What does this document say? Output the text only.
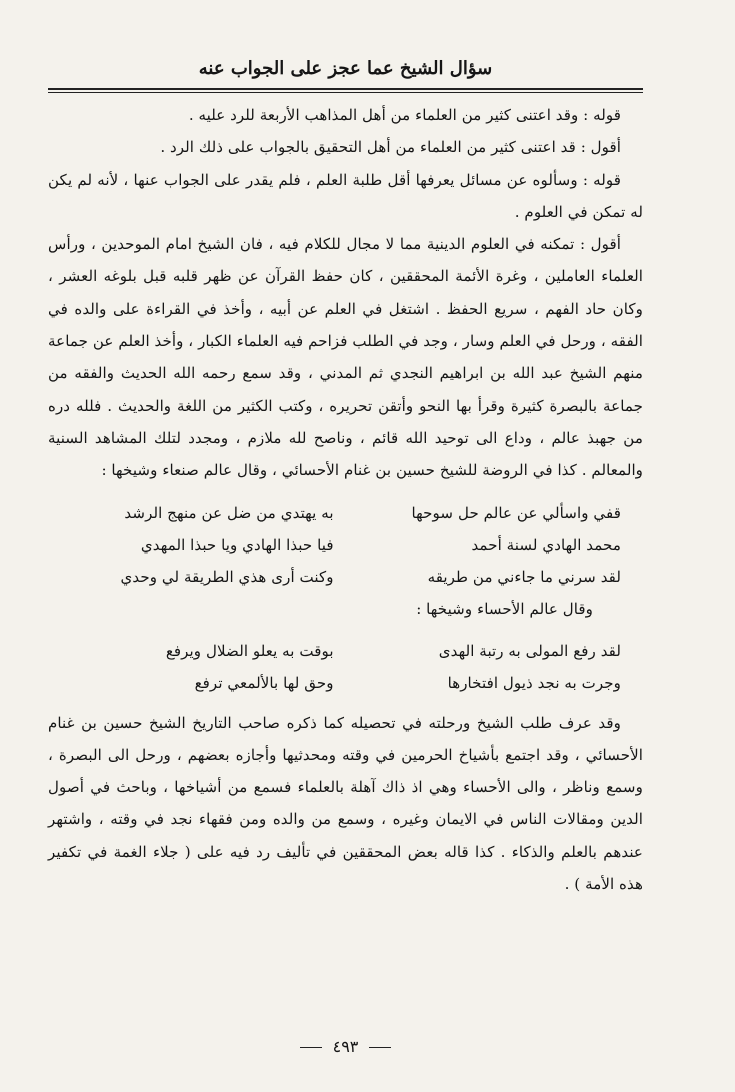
سؤال الشيخ عما عجز على الجواب عنه

قوله : وقد اعتنى كثير من العلماء من أهل المذاهب الأربعة للرد عليه .

أقول : قد اعتنى كثير من العلماء من أهل التحقيق بالجواب على ذلك الرد .

قوله : وسألوه عن مسائل يعرفها أقل طلبة العلم ، فلم يقدر على الجواب عنها ، لأنه لم يكن له تمكن في العلوم .

أقول : تمكنه في العلوم الدينية مما لا مجال للكلام فيه ، فان الشيخ امام الموحدين ، ورأس العلماء العاملين ، وغرة الأئمة المحققين ، كان حفظ القرآن عن ظهر قلبه قبل بلوغه العشر ، وكان حاد الفهم ، سريع الحفظ . اشتغل في العلم عن أبيه ، وأخذ في القراءة على والده في الفقه ، ورحل في العلم وسار ، وجد في الطلب فزاحم فيه العلماء الكبار ، وأخذ العلم عن جماعة منهم الشيخ عبد الله بن ابراهيم النجدي ثم المدني ، وقد سمع رحمه الله الحديث والفقه من جماعة بالبصرة كثيرة وقرأ بها النحو وأتقن تحريره ، وكتب الكثير من اللغة والحديث . فلله دره من جهبذ عالم ، وداع الى توحيد الله قائم ، وناصح لله ملازم ، ومجدد لتلك المشاهد السنية والمعالم . كذا في الروضة للشيخ حسين بن غنام الأحسائي ، وقال عالم صنعاء وشيخها :

قفي واسألي عن عالم حل سوحها
به يهتدي من ضل عن منهج الرشد
محمد الهادي لسنة أحمد
فيا حبذا الهادي ويا حبذا المهدي
لقد سرني ما جاءني من طريقه
وكنت أرى هذي الطريقة لي وحدي
وقال عالم الأحساء وشيخها :
لقد رفع المولى به رتبة الهدى
بوقت به يعلو الضلال ويرفع
وجرت به نجد ذيول افتخارها
وحق لها بالألمعي ترفع

وقد عرف طلب الشيخ ورحلته في تحصيله كما ذكره صاحب التاريخ الشيخ حسين بن غنام الأحسائي ، وقد اجتمع بأشياخ الحرمين في وقته ومحدثيها وأجازه بعضهم ، ورحل الى البصرة ، وسمع وناظر ، والى الأحساء وهي اذ ذاك آهلة بالعلماء فسمع من أشياخها ، وباحث في أصول الدين ومقالات الناس في الايمان وغيره ، وسمع من والده ومن فقهاء نجد في وقته ، واشتهر عندهم بالعلم والذكاء . كذا قاله بعض المحققين في تأليف رد فيه على ( جلاء الغمة في تكفير هذه الأمة ) .

٤٩٣
